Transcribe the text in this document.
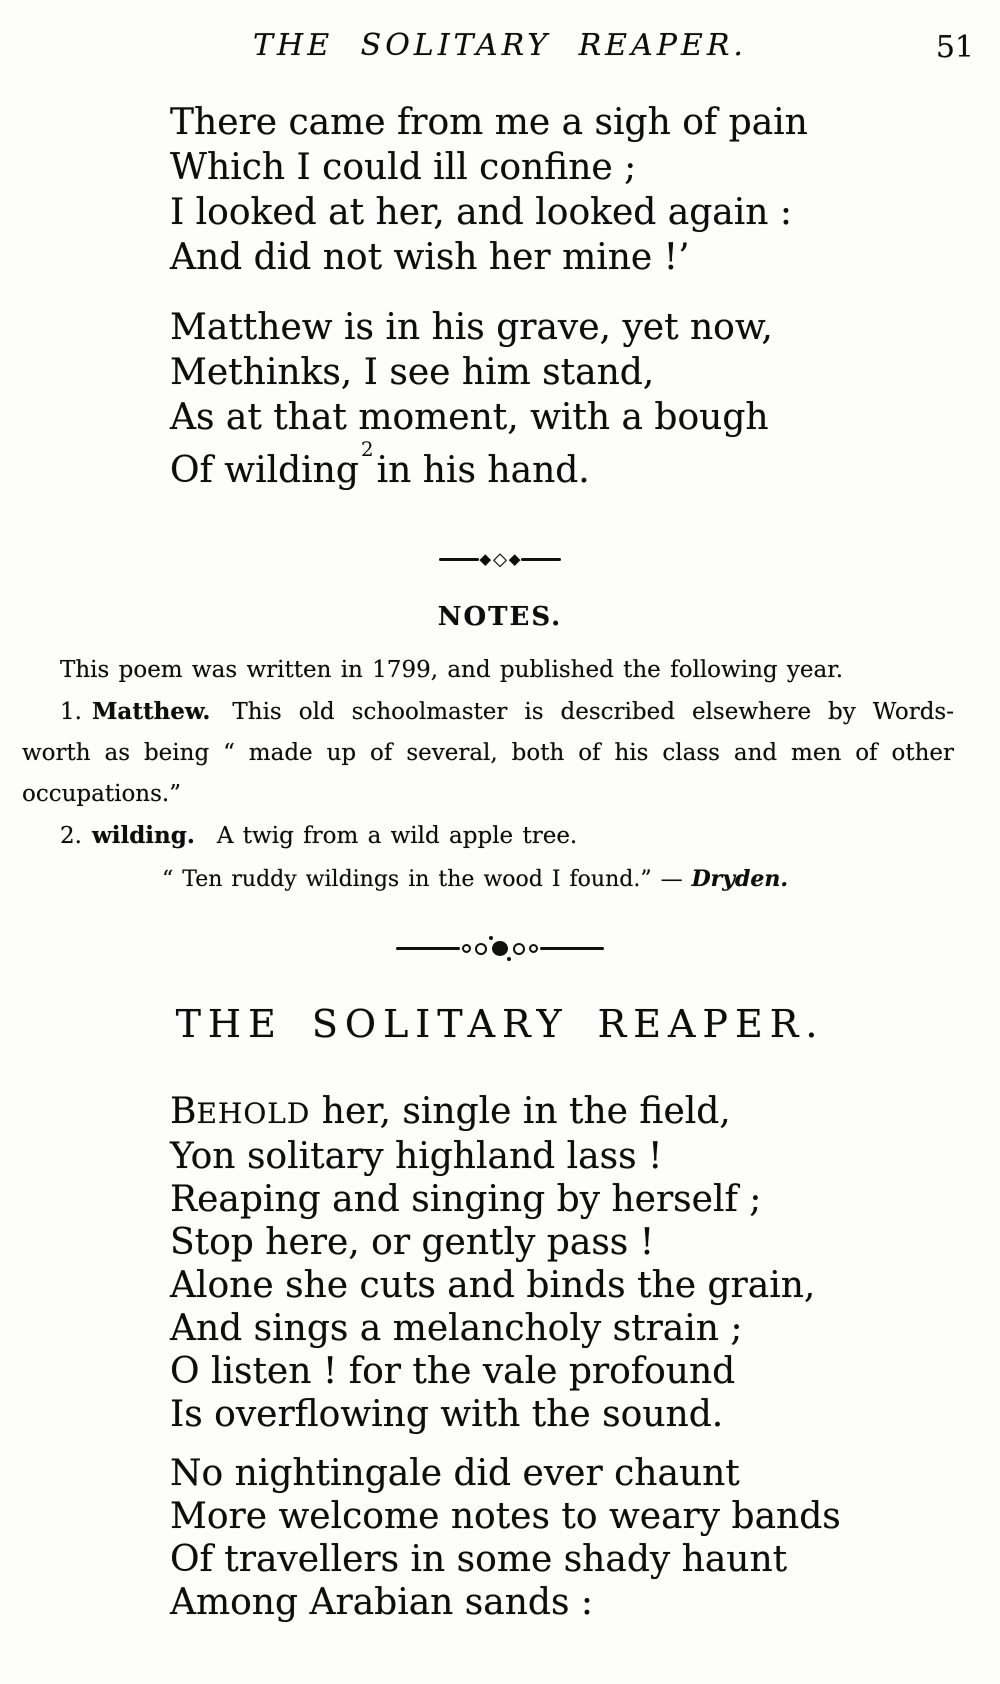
THE SOLITARY REAPER.	51
There came from me a sigh of pain
Which I could ill confine ;
I looked at her, and looked again :
And did not wish her mine !’
Matthew is in his grave, yet now,
Methinks, I see him stand,
As at that moment, with a bough
Of wilding$^2$in his hand.
◆ ◇ ◆
NOTES.
This poem was written in 1799, and published the following year.
1. Matthew. This old schoolmaster is described elsewhere by Words-
worth as being “ made up of several, both of his class and men of other
occupations.”
2. wilding. A twig from a wild apple tree.
“ Ten ruddy wildings in the wood I found.” — Dryden.
THE SOLITARY REAPER.
BEHOLD her, single in the field,
Yon solitary highland lass !
Reaping and singing by herself ;
Stop here, or gently pass !
Alone she cuts and binds the grain,
And sings a melancholy strain ;
O listen ! for the vale profound
Is overflowing with the sound.
No nightingale did ever chaunt
More welcome notes to weary bands
Of travellers in some shady haunt
Among Arabian sands :
